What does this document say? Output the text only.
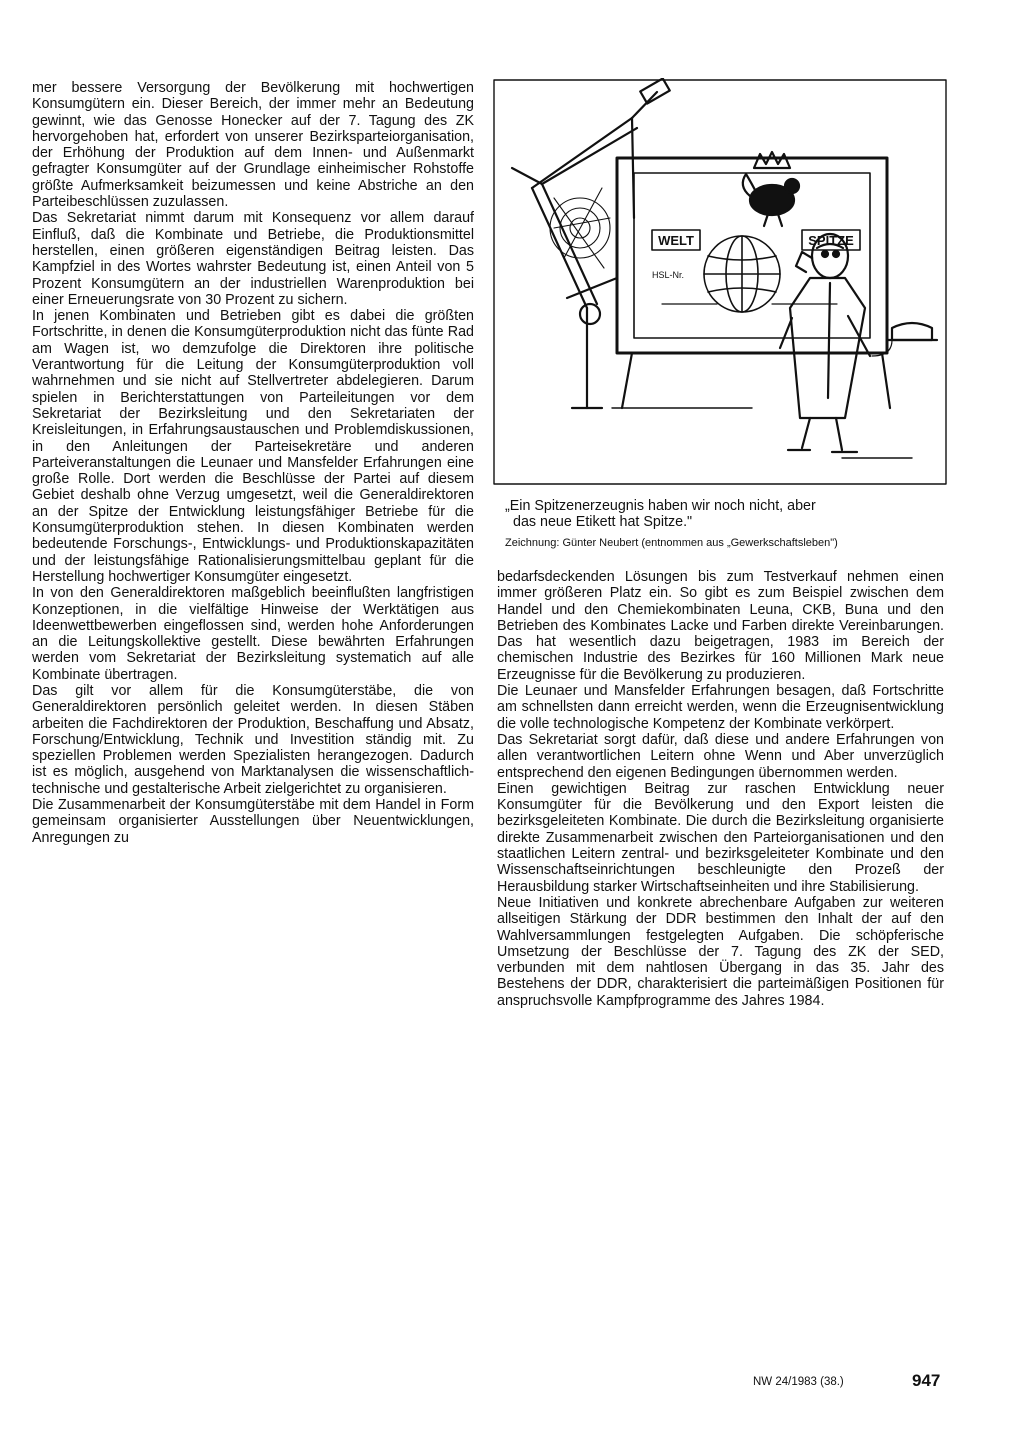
mer bessere Versorgung der Bevölkerung mit hochwertigen Konsumgütern ein. Dieser Bereich, der immer mehr an Bedeutung gewinnt, wie das Genosse Honecker auf der 7. Tagung des ZK hervorgehoben hat, erfordert von unserer Bezirksparteiorganisation, der Erhöhung der Produktion auf dem Innen- und Außenmarkt gefragter Konsumgüter auf der Grundlage einheimischer Rohstoffe größte Aufmerksamkeit beizumessen und keine Abstriche an den Parteibeschlüssen zuzulassen.

Das Sekretariat nimmt darum mit Konsequenz vor allem darauf Einfluß, daß die Kombinate und Betriebe, die Produktionsmittel herstellen, einen größeren eigenständigen Beitrag leisten. Das Kampfziel in des Wortes wahrster Bedeutung ist, einen Anteil von 5 Prozent Konsumgütern an der industriellen Warenproduktion bei einer Erneuerungsrate von 30 Prozent zu sichern.

In jenen Kombinaten und Betrieben gibt es dabei die größten Fortschritte, in denen die Konsumgüterproduktion nicht das fünte Rad am Wagen ist, wo demzufolge die Direktoren ihre politische Verantwortung für die Leitung der Konsumgüterproduktion voll wahrnehmen und sie nicht auf Stellvertreter abdelegieren. Darum spielen in Berichterstattungen von Parteileitungen vor dem Sekretariat der Bezirksleitung und den Sekretariaten der Kreisleitungen, in Erfahrungsaustauschen und Problemdiskussionen, in den Anleitungen der Parteisekretäre und anderen Parteiveranstaltungen die Leunaer und Mansfelder Erfahrungen eine große Rolle. Dort werden die Beschlüsse der Partei auf diesem Gebiet deshalb ohne Verzug umgesetzt, weil die Generaldirektoren an der Spitze der Entwicklung leistungsfähiger Betriebe für die Konsumgüterproduktion stehen. In diesen Kombinaten werden bedeutende Forschungs-, Entwicklungs- und Produktionskapazitäten und der leistungsfähige Rationalisierungsmittelbau geplant für die Herstellung hochwertiger Konsumgüter eingesetzt.

In von den Generaldirektoren maßgeblich beeinflußten langfristigen Konzeptionen, in die vielfältige Hinweise der Werktätigen aus Ideenwettbewerben eingeflossen sind, werden hohe Anforderungen an die Leitungskollektive gestellt. Diese bewährten Erfahrungen werden vom Sekretariat der Bezirksleitung systematich auf alle Kombinate übertragen.

Das gilt vor allem für die Konsumgüterstäbe, die von Generaldirektoren persönlich geleitet werden. In diesen Stäben arbeiten die Fachdirektoren der Produktion, Beschaffung und Absatz, Forschung/Entwicklung, Technik und Investition ständig mit. Zu speziellen Problemen werden Spezialisten herangezogen. Dadurch ist es möglich, ausgehend von Marktanalysen die wissenschaftlich-technische und gestalterische Arbeit zielgerichtet zu organisieren.

Die Zusammenarbeit der Konsumgüterstäbe mit dem Handel in Form gemeinsam organisierter Ausstellungen über Neuentwicklungen, Anregungen zu

WELT	SPITZE
HSL-Nr.
„Ein Spitzenerzeugnis haben wir noch nicht, aber
das neue Etikett hat Spitze."
Zeichnung: Günter Neubert (entnommen aus „Gewerkschaftsleben")

bedarfsdeckenden Lösungen bis zum Testverkauf nehmen einen immer größeren Platz ein. So gibt es zum Beispiel zwischen dem Handel und den Chemiekombinaten Leuna, CKB, Buna und den Betrieben des Kombinates Lacke und Farben direkte Vereinbarungen. Das hat wesentlich dazu beigetragen, 1983 im Bereich der chemischen Industrie des Bezirkes für 160 Millionen Mark neue Erzeugnisse für die Bevölkerung zu produzieren.

Die Leunaer und Mansfelder Erfahrungen besagen, daß Fortschritte am schnellsten dann erreicht werden, wenn die Erzeugnisentwicklung die volle technologische Kompetenz der Kombinate verkörpert.

Das Sekretariat sorgt dafür, daß diese und andere Erfahrungen von allen verantwortlichen Leitern ohne Wenn und Aber unverzüglich entsprechend den eigenen Bedingungen übernommen werden.

Einen gewichtigen Beitrag zur raschen Entwicklung neuer Konsumgüter für die Bevölkerung und den Export leisten die bezirksgeleiteten Kombinate. Die durch die Bezirksleitung organisierte direkte Zusammenarbeit zwischen den Parteiorganisationen und den staatlichen Leitern zentral- und bezirksgeleiteter Kombinate und den Wissenschaftseinrichtungen beschleunigte den Prozeß der Herausbildung starker Wirtschaftseinheiten und ihre Stabilisierung.

Neue Initiativen und konkrete abrechenbare Aufgaben zur weiteren allseitigen Stärkung der DDR bestimmen den Inhalt der auf den Wahlversammlungen festgelegten Aufgaben. Die schöpferische Umsetzung der Beschlüsse der 7. Tagung des ZK der SED, verbunden mit dem nahtlosen Übergang in das 35. Jahr des Bestehens der DDR, charakterisiert die parteimäßigen Positionen für anspruchsvolle Kampfprogramme des Jahres 1984.

NW 24/1983 (38.)	947
